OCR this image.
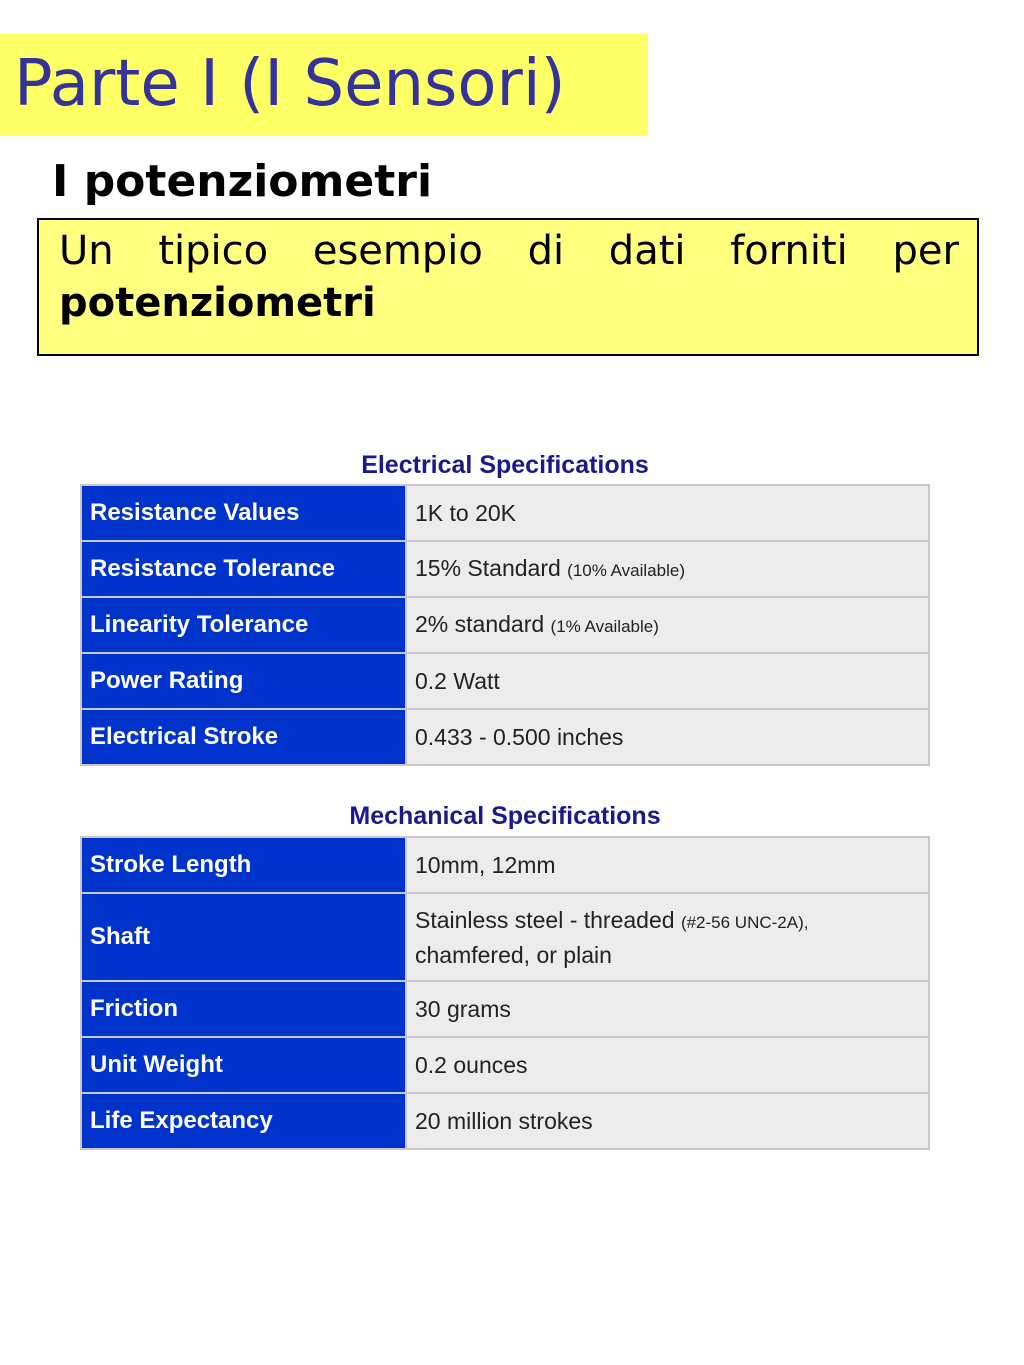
Parte I (I Sensori)
I potenziometri
Un tipico esempio di dati forniti per
potenziometri
Electrical Specifications
Resistance Values	1K to 20K
Resistance Tolerance	15% Standard (10% Available)
Linearity Tolerance	2% standard (1% Available)
Power Rating	0.2 Watt
Electrical Stroke	0.433 - 0.500 inches
Mechanical Specifications
Stroke Length	10mm, 12mm
Shaft	Stainless steel - threaded (#2-56 UNC-2A),
chamfered, or plain
Friction	30 grams
Unit Weight	0.2 ounces
Life Expectancy	20 million strokes
